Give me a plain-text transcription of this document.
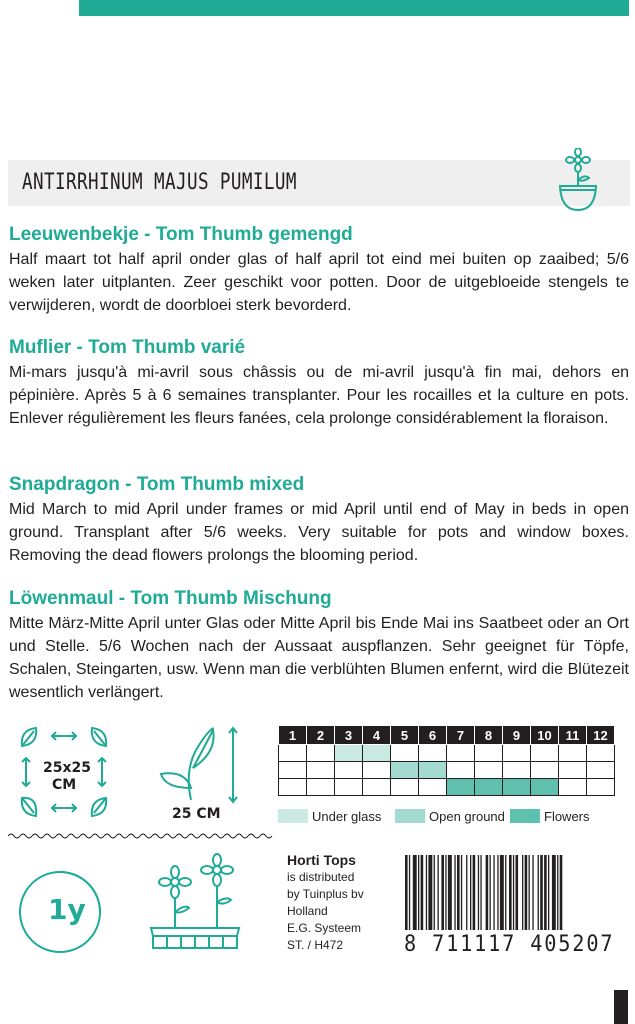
ANTIRRHINUM MAJUS PUMILUM
Leeuwenbekje - Tom Thumb gemengd
Half maart tot half april onder glas of half april tot eind mei buiten op zaaibed; 5/6 weken later uitplanten. Zeer geschikt voor potten. Door de uitgebloeide stengels te verwijderen, wordt de doorbloei sterk bevorderd.
Muflier - Tom Thumb varié
Mi-mars jusqu'à mi-avril sous châssis ou de mi-avril jusqu'à fin mai, dehors en pépinière. Après 5 à 6 semaines transplanter. Pour les rocailles et la culture en pots. Enlever régulièrement les fleurs fanées, cela prolonge considérablement la floraison.
Snapdragon - Tom Thumb mixed
Mid March to mid April under frames or mid April until end of May in beds in open ground. Transplant after 5/6 weeks. Very suitable for pots and window boxes. Removing the dead flowers prolongs the blooming period.
Löwenmaul - Tom Thumb Mischung
Mitte März-Mitte April unter Glas oder Mitte April bis Ende Mai ins Saatbeet oder an Ort und Stelle. 5/6 Wochen nach der Aussaat auspflanzen. Sehr geeignet für Töpfe, Schalen, Steingarten, usw. Wenn man die verblühten Blumen enfernt, wird die Blütezeit wesentlich verlängert.
25x25
CM
25 CM
1	2	3	4	5	6	7	8	9	10	11	12

Under glass	Open ground	Flowers
1y
Horti Tops
is distributed
by Tuinplus bv
Holland
E.G. Systeem
ST. / H472	8 711117 405207
